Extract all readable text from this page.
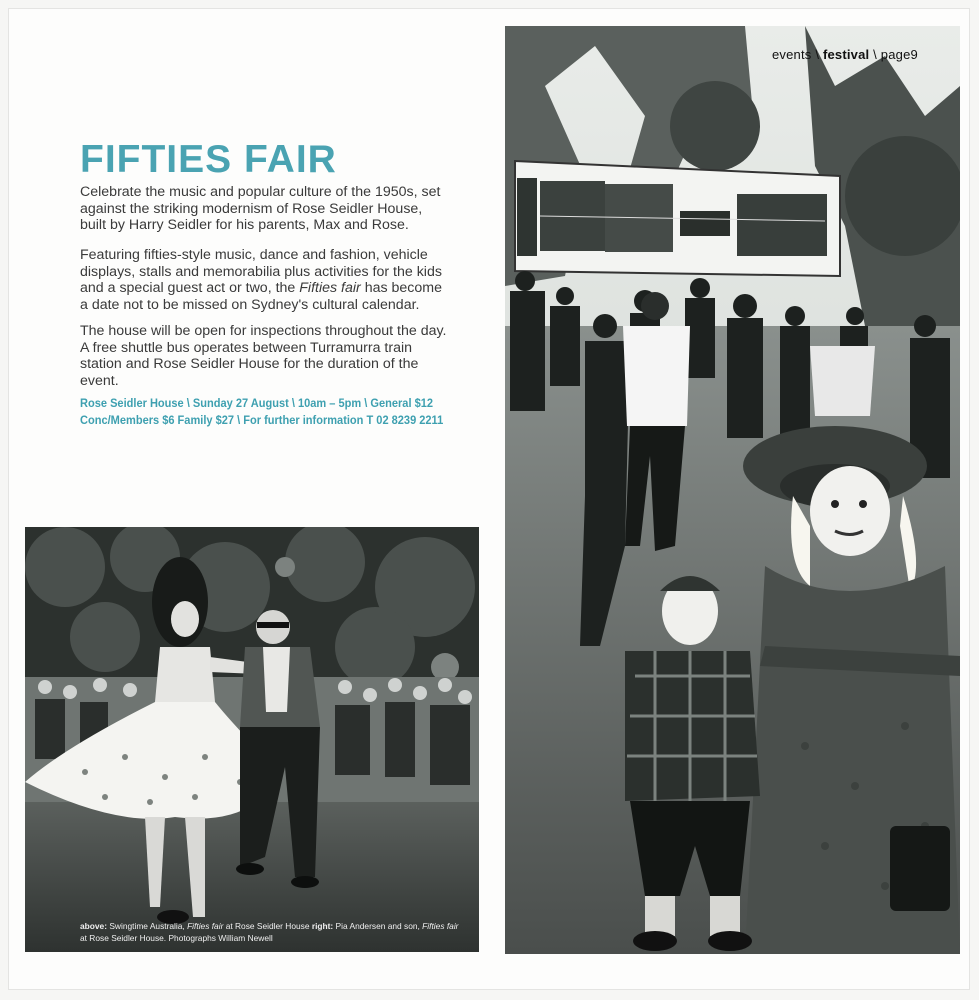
events \ festival \ page9
FIFTIES FAIR

Celebrate the music and popular culture of the 1950s, set against the striking modernism of Rose Seidler House, built by Harry Seidler for his parents, Max and Rose.

Featuring fifties-style music, dance and fashion, vehicle displays, stalls and memorabilia plus activities for the kids and a special guest act or two, the Fifties fair has become a date not to be missed on Sydney's cultural calendar.

The house will be open for inspections throughout the day. A free shuttle bus operates between Turramurra train station and Rose Seidler House for the duration of the event.

Rose Seidler House \ Sunday 27 August \ 10am – 5pm \ General $12
Conc/Members $6 Family $27 \ For further information T 02 8239 2211

above: Swingtime Australia, Fifties fair at Rose Seidler House right: Pia Andersen and son, Fifties fair at Rose Seidler House. Photographs William Newell
